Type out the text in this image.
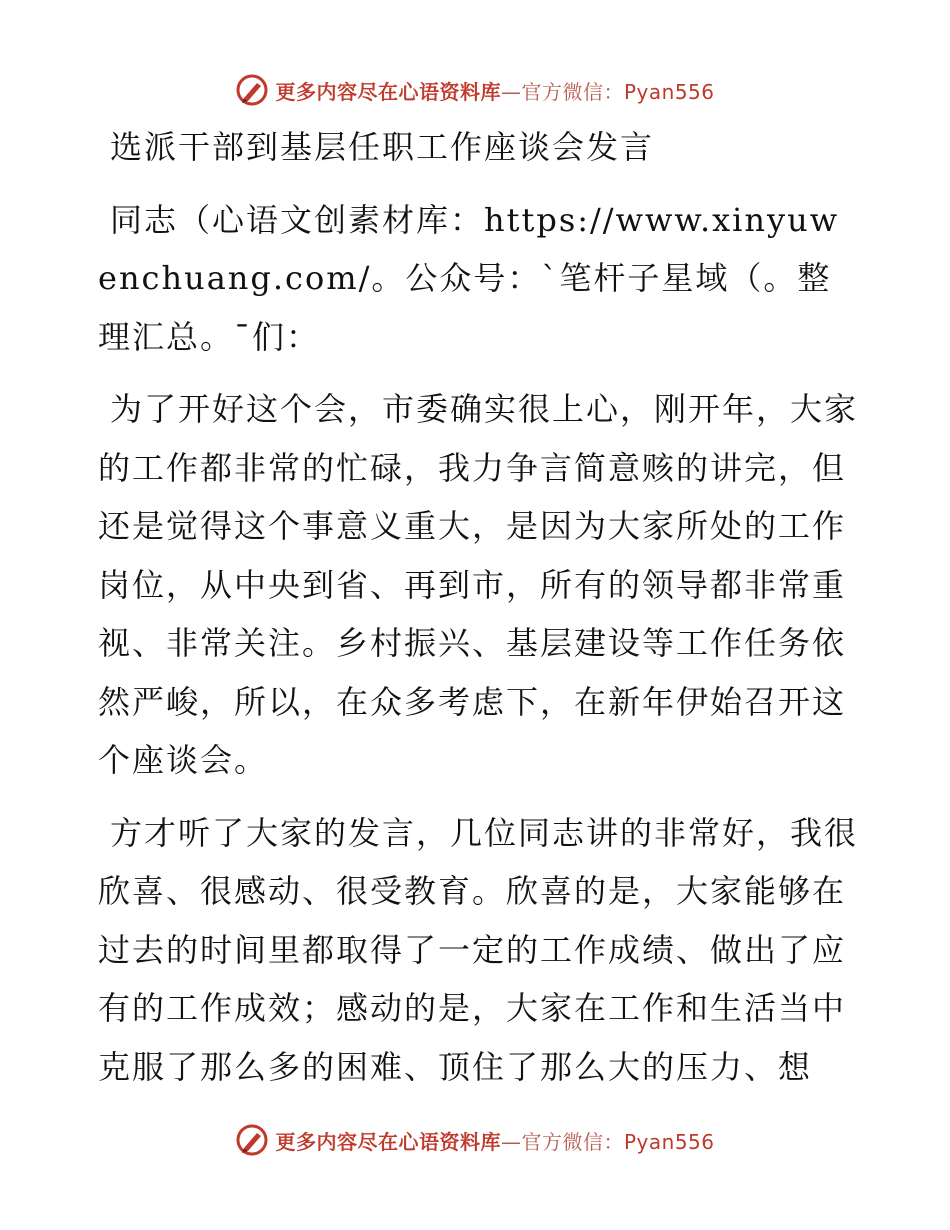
更多内容尽在心语资料库—官方微信：Pyan556

选派干部到基层任职工作座谈会发言

同志（心语文创素材库：https://www.xinyuwenchuang.com/。公众号：`笔杆子星域（。整理汇总。¯们：

为了开好这个会，市委确实很上心，刚开年，大家的工作都非常的忙碌，我力争言简意赅的讲完，但还是觉得这个事意义重大，是因为大家所处的工作岗位，从中央到省、再到市，所有的领导都非常重视、非常关注。乡村振兴、基层建设等工作任务依然严峻，所以，在众多考虑下，在新年伊始召开这个座谈会。

方才听了大家的发言，几位同志讲的非常好，我很欣喜、很感动、很受教育。欣喜的是，大家能够在过去的时间里都取得了一定的工作成绩、做出了应有的工作成效；感动的是，大家在工作和生活当中克服了那么多的困难、顶住了那么大的压力、想

更多内容尽在心语资料库—官方微信：Pyan556
